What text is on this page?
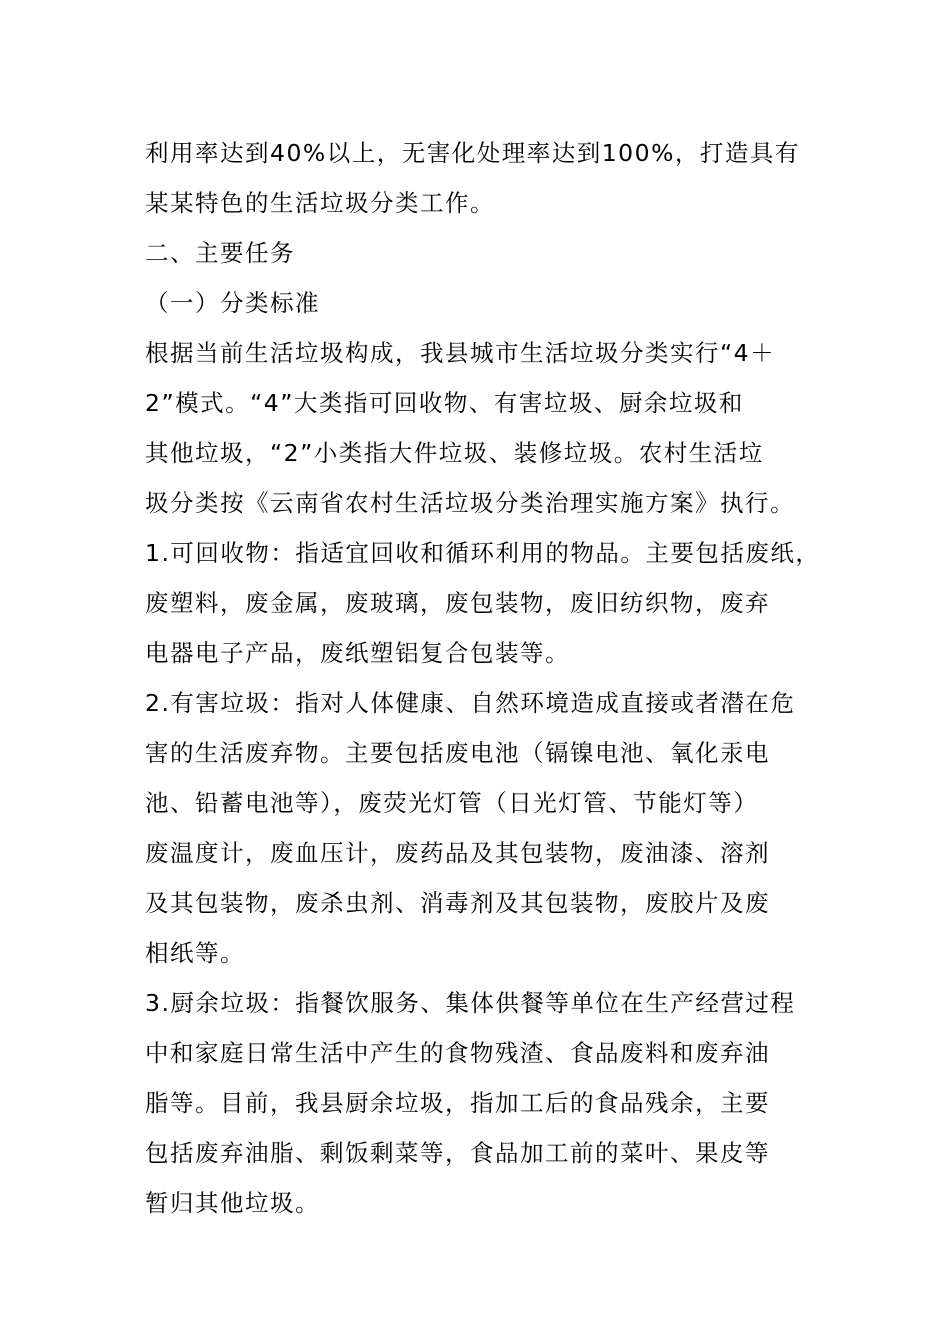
利用率达到40%以上，无害化处理率达到100%，打造具有
某某特色的生活垃圾分类工作。
二、主要任务
（一）分类标准
根据当前生活垃圾构成，我县城市生活垃圾分类实行“4＋
2”模式。“4”大类指可回收物、有害垃圾、厨余垃圾和
其他垃圾，“2”小类指大件垃圾、装修垃圾。农村生活垃
圾分类按《云南省农村生活垃圾分类治理实施方案》执行。
1.可回收物：指适宜回收和循环利用的物品。主要包括废纸，
废塑料，废金属，废玻璃，废包装物，废旧纺织物，废弃
电器电子产品，废纸塑铝复合包装等。
2.有害垃圾：指对人体健康、自然环境造成直接或者潜在危
害的生活废弃物。主要包括废电池（镉镍电池、氧化汞电
池、铅蓄电池等），废荧光灯管（日光灯管、节能灯等）
废温度计，废血压计，废药品及其包装物，废油漆、溶剂
及其包装物，废杀虫剂、消毒剂及其包装物，废胶片及废
相纸等。
3.厨余垃圾：指餐饮服务、集体供餐等单位在生产经营过程
中和家庭日常生活中产生的食物残渣、食品废料和废弃油
脂等。目前，我县厨余垃圾，指加工后的食品残余，主要
包括废弃油脂、剩饭剩菜等，食品加工前的菜叶、果皮等
暂归其他垃圾。
